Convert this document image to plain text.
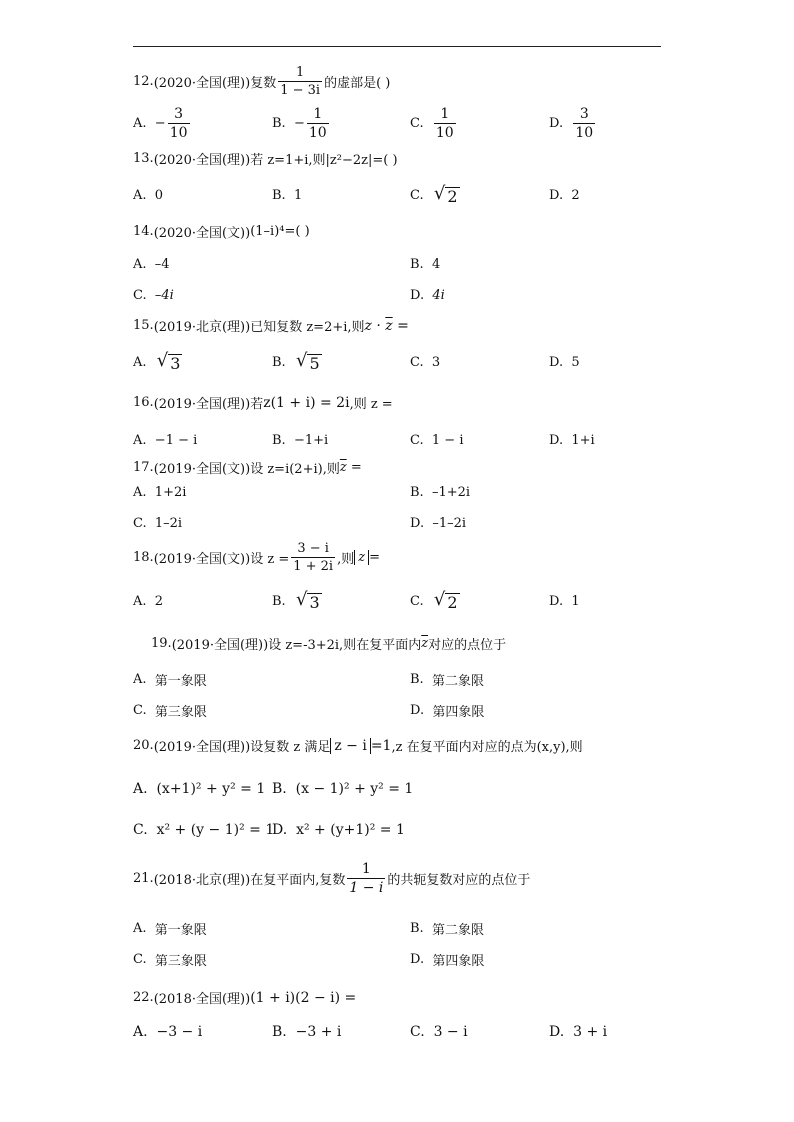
12. (2020·全国(理)) 复数 $\frac{1}{1 - 3i}$ 的虚部是( )
A.
− $\frac{3}{10}$	B.
− $\frac{1}{10}$	C.
$\frac{1}{10}$	D.
$\frac{3}{10}$
13. (2020·全国(理)) 若 z=1+i,则|z²−2z|=( )
A.
0	B.
1	C.
√ 2	D.
2
14. (2020·全国(文)) (1–i)⁴=( )
A.
–4	B.
4
C.
–4i	D.
4i
15. (2019·北京(理)) 已知复数 z=2+i,则 $z \cdot \overline{z}$ =
A.
√ 3	B.
√ 5	C.
3	D.
5
16. (2019·全国(理)) 若 z(1 + i) = 2i ,则 z =
A.
−1 − i	B.
−1+i	C.
1 − i	D.
1+i
17. (2019·全国(文)) 设 z=i(2+i),则 $\overline{z}$ =
A.
1+2i	B.
–1+2i
C.
1–2i	D.
–1–2i
18. (2019·全国(文)) 设 $z = \frac{3 - i}{1 + 2i}$ ,则 z =
A.
2	B.
√ 3	C.
√ 2	D.
1
19. (2019·全国(理)) 设 z=-3+2i,则在复平面内 $\overline{z}$ 对应的点位于
A.
第一象限	B.
第二象限
C.
第三象限	D.
第四象限
20. (2019·全国(理)) 设复数 z 满足 z − i =1 ,z 在复平面内对应的点为(x,y),则
A.
(x+1)² + y² = 1 B.
(x − 1)² + y² = 1
C.
x² + (y − 1)² = 1
D.
x² + (y+1)² = 1
21. (2018·北京(理)) 在复平面内,复数 $\frac{1}{1 - i}$ 的共轭复数对应的点位于
A.
第一象限	B.
第二象限
C.
第三象限	D.
第四象限
22. (2018·全国(理)) (1 + i)(2 − i) =
A.
−3 − i	B.
−3 + i	C.
3 − i	D.
3 + i
